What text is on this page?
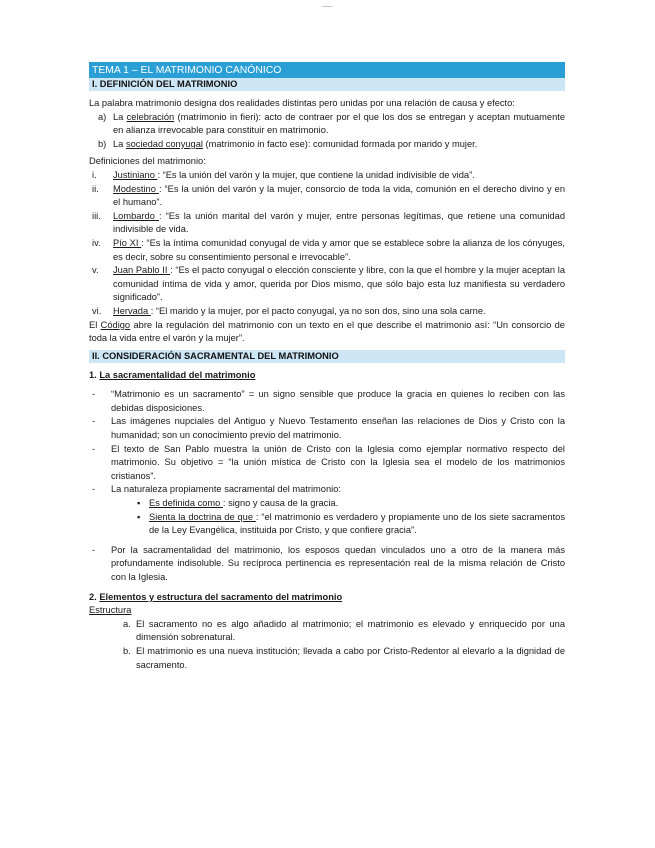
___
TEMA 1 – EL MATRIMONIO CANÓNICO
I. DEFINICIÓN DEL MATRIMONIO

La palabra matrimonio designa dos realidades distintas pero unidas por una relación de causa y efecto:

a) La celebración (matrimonio in fieri): acto de contraer por el que los dos se entregan y aceptan mutuamente en alianza irrevocable para constituir en matrimonio.
b) La sociedad conyugal (matrimonio in facto ese): comunidad formada por marido y mujer.

Definiciones del matrimonio:

i. Justiniano : “Es la unión del varón y la mujer, que contiene la unidad indivisible de vida”.
ii. Modestino : “Es la unión del varón y la mujer, consorcio de toda la vida, comunión en el derecho divino y en el humano”.
iii. Lombardo : “Es la unión marital del varón y mujer, entre personas legítimas, que retiene una comunidad indivisible de vida.
iv. Pío XI : “Es la íntima comunidad conyugal de vida y amor que se establece sobre la alianza de los cónyuges, es decir, sobre su consentimiento personal e irrevocable”.
v. Juan Pablo II : “Es el pacto conyugal o elección consciente y libre, con la que el hombre y la mujer aceptan la comunidad íntima de vida y amor, querida por Dios mismo, que sólo bajo esta luz manifiesta su verdadero significado”.
vi. Hervada : “El marido y la mujer, por el pacto conyugal, ya no son dos, sino una sola carne.

El Código abre la regulación del matrimonio con un texto en el que describe el matrimonio así: “Un consorcio de toda la vida entre el varón y la mujer”.

II. CONSIDERACIÓN SACRAMENTAL DEL MATRIMONIO

1. La sacramentalidad del matrimonio

- “Matrimonio es un sacramento” = un signo sensible que produce la gracia en quienes lo reciben con las debidas disposiciones.
- Las imágenes nupciales del Antiguo y Nuevo Testamento enseñan las relaciones de Dios y Cristo con la humanidad; son un conocimiento previo del matrimonio.
- El texto de San Pablo muestra la unión de Cristo con la Iglesia como ejemplar normativo respecto del matrimonio. Su objetivo = “la unión mística de Cristo con la Iglesia sea el modelo de los matrimonios cristianos”.
- La naturaleza propiamente sacramental del matrimonio:
▪ Es definida como : signo y causa de la gracia.
▪ Sienta la doctrina de que : “el matrimonio es verdadero y propiamente uno de los siete sacramentos de la Ley Evangélica, instituida por Cristo, y que confiere gracia”.
- Por la sacramentalidad del matrimonio, los esposos quedan vinculados uno a otro de la manera más profundamente indisoluble. Su recíproca pertinencia es representación real de la misma relación de Cristo con la Iglesia.

2. Elementos y estructura del sacramento del matrimonio

Estructura

a. El sacramento no es algo añadido al matrimonio; el matrimonio es elevado y enriquecido por una dimensión sobrenatural.
b. El matrimonio es una nueva institución; llevada a cabo por Cristo-Redentor al elevarlo a la dignidad de sacramento.
